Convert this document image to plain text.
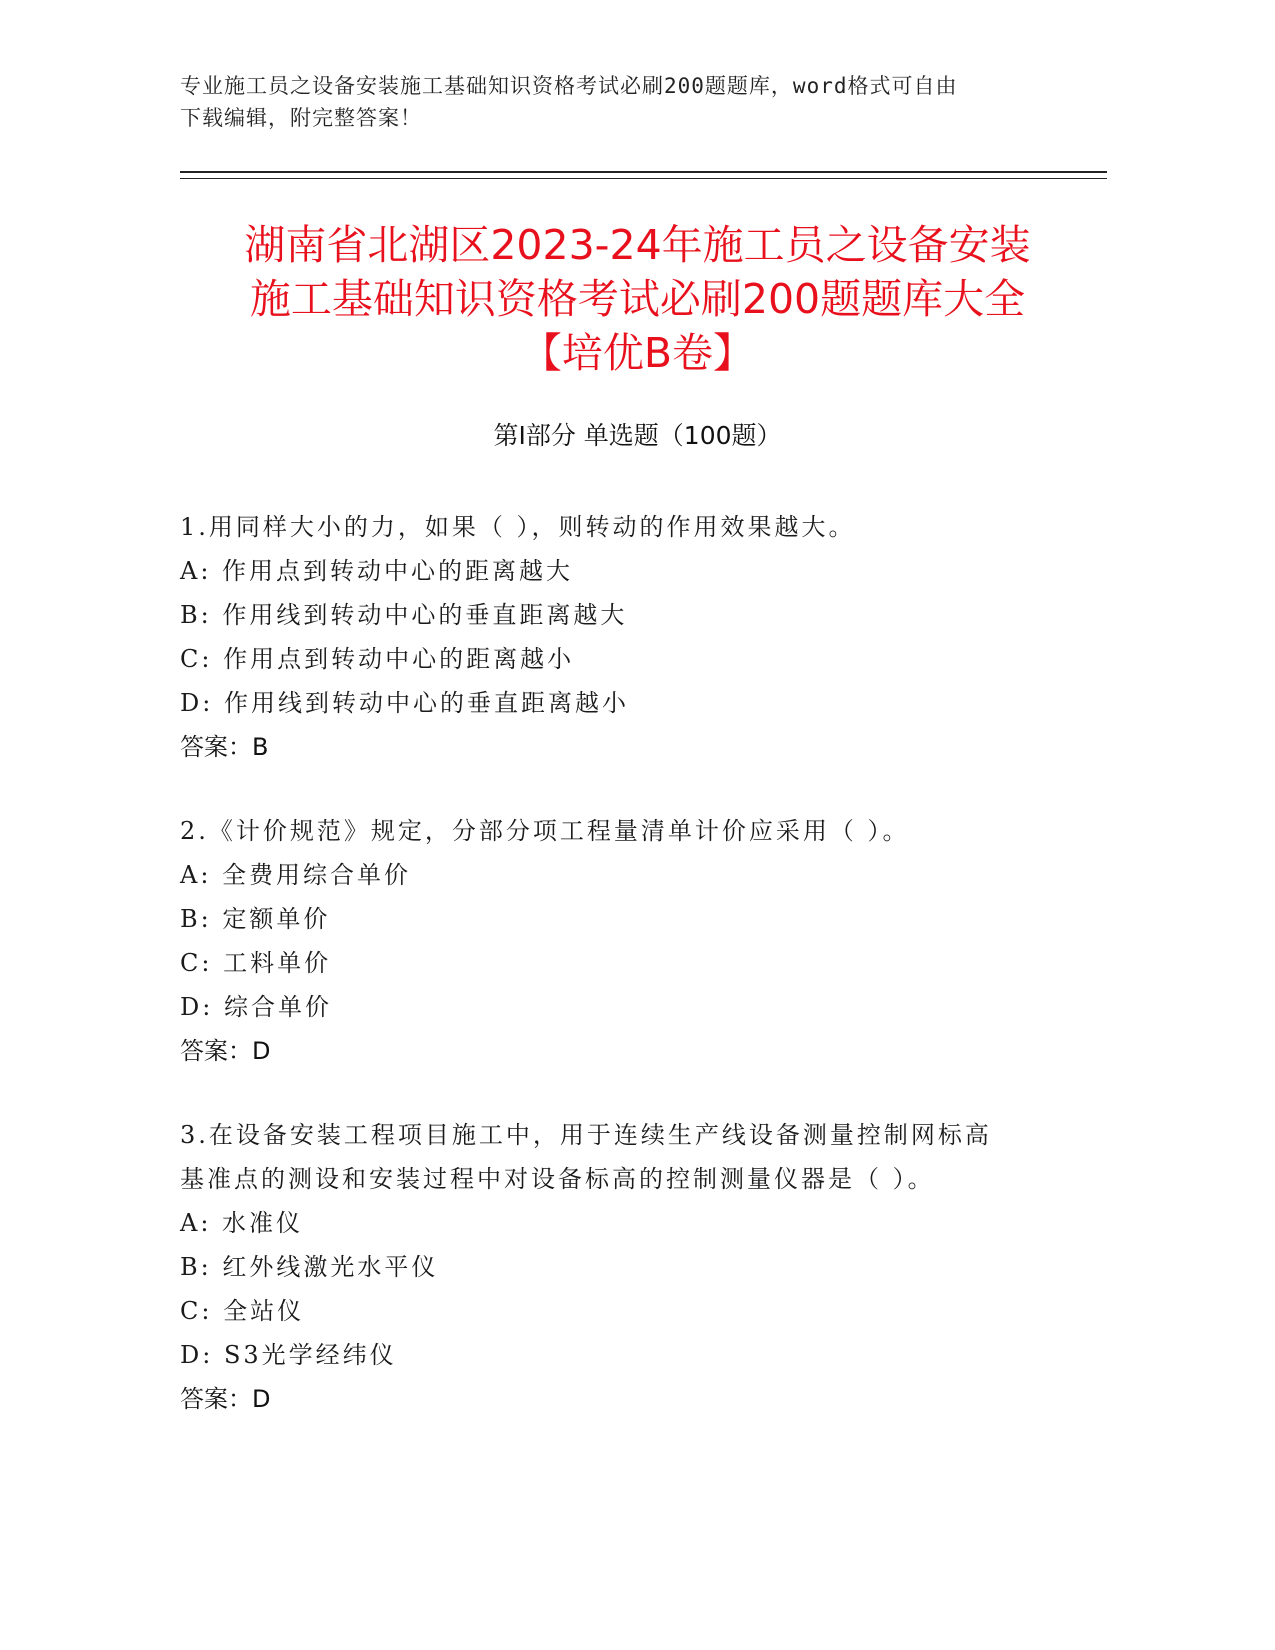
专业施工员之设备安装施工基础知识资格考试必刷200题题库，word格式可自由
下载编辑，附完整答案！
湖南省北湖区2023-24年施工员之设备安装
施工基础知识资格考试必刷200题题库大全
【培优B卷】
第Ⅰ部分 单选题（100题）
1.用同样大小的力，如果（ ），则转动的作用效果越大。
A: 作用点到转动中心的距离越大
B: 作用线到转动中心的垂直距离越大
C: 作用点到转动中心的距离越小
D: 作用线到转动中心的垂直距离越小
答案：B
2.《计价规范》规定，分部分项工程量清单计价应采用（ ）。
A: 全费用综合单价
B: 定额单价
C: 工料单价
D: 综合单价
答案：D
3.在设备安装工程项目施工中，用于连续生产线设备测量控制网标高
基准点的测设和安装过程中对设备标高的控制测量仪器是（ ）。
A: 水准仪
B: 红外线激光水平仪
C: 全站仪
D: S3光学经纬仪
答案：D
